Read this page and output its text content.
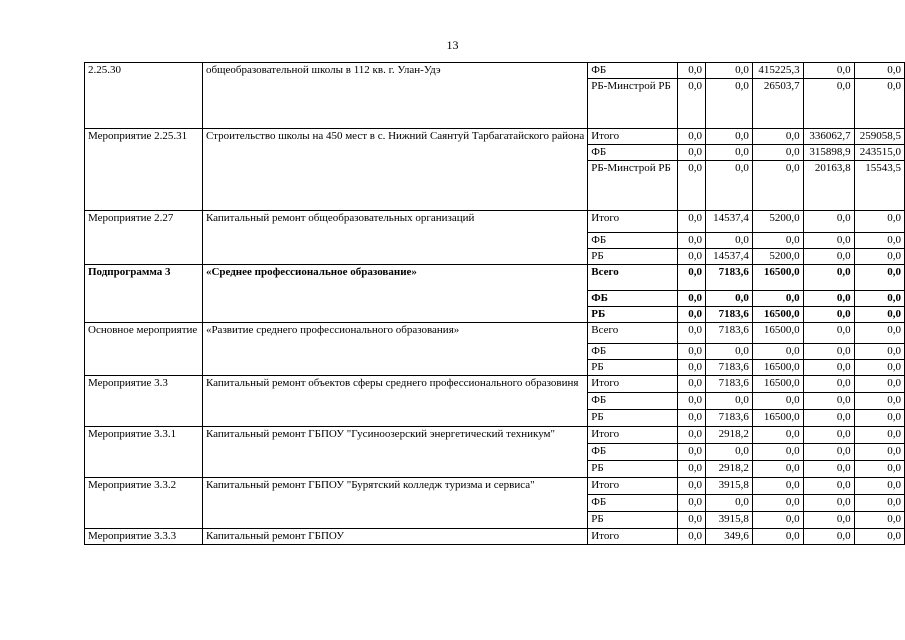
13
2.25.30	общеобразовательной школы в 112 кв. г. Улан-Удэ	ФБ	0,0	0,0	415225,3	0,0	0,0
		РБ-Минстрой РБ	0,0	0,0	26503,7	0,0	0,0
Мероприятие 2.25.31	Строительство школы на 450 мест в с. Нижний Саянтуй Тарбагатайского района	Итого	0,0	0,0	0,0	336062,7	259058,5
		ФБ	0,0	0,0	0,0	315898,9	243515,0
		РБ-Минстрой РБ	0,0	0,0	0,0	20163,8	15543,5
Мероприятие 2.27	Капитальный ремонт общеобразовательных организаций	Итого	0,0	14537,4	5200,0	0,0	0,0
		ФБ	0,0	0,0	0,0	0,0	0,0
		РБ	0,0	14537,4	5200,0	0,0	0,0
Подпрограмма 3	«Среднее профессиональное образование»	Всего	0,0	7183,6	16500,0	0,0	0,0
		ФБ	0,0	0,0	0,0	0,0	0,0
		РБ	0,0	7183,6	16500,0	0,0	0,0
Основное мероприятие	«Развитие среднего профессионального образования»	Всего	0,0	7183,6	16500,0	0,0	0,0
		ФБ	0,0	0,0	0,0	0,0	0,0
		РБ	0,0	7183,6	16500,0	0,0	0,0
Мероприятие 3.3	Капитальный ремонт объектов сферы среднего профессионального образовиня	Итого	0,0	7183,6	16500,0	0,0	0,0
		ФБ	0,0	0,0	0,0	0,0	0,0
		РБ	0,0	7183,6	16500,0	0,0	0,0
Мероприятие 3.3.1	Капитальный ремонт ГБПОУ "Гусиноозерский энергетический техникум"	Итого	0,0	2918,2	0,0	0,0	0,0
		ФБ	0,0	0,0	0,0	0,0	0,0
		РБ	0,0	2918,2	0,0	0,0	0,0
Мероприятие 3.3.2	Капитальный ремонт ГБПОУ "Бурятский колледж туризма и сервиса"	Итого	0,0	3915,8	0,0	0,0	0,0
		ФБ	0,0	0,0	0,0	0,0	0,0
		РБ	0,0	3915,8	0,0	0,0	0,0
Мероприятие 3.3.3	Капитальный ремонт ГБПОУ	Итого	0,0	349,6	0,0	0,0	0,0
